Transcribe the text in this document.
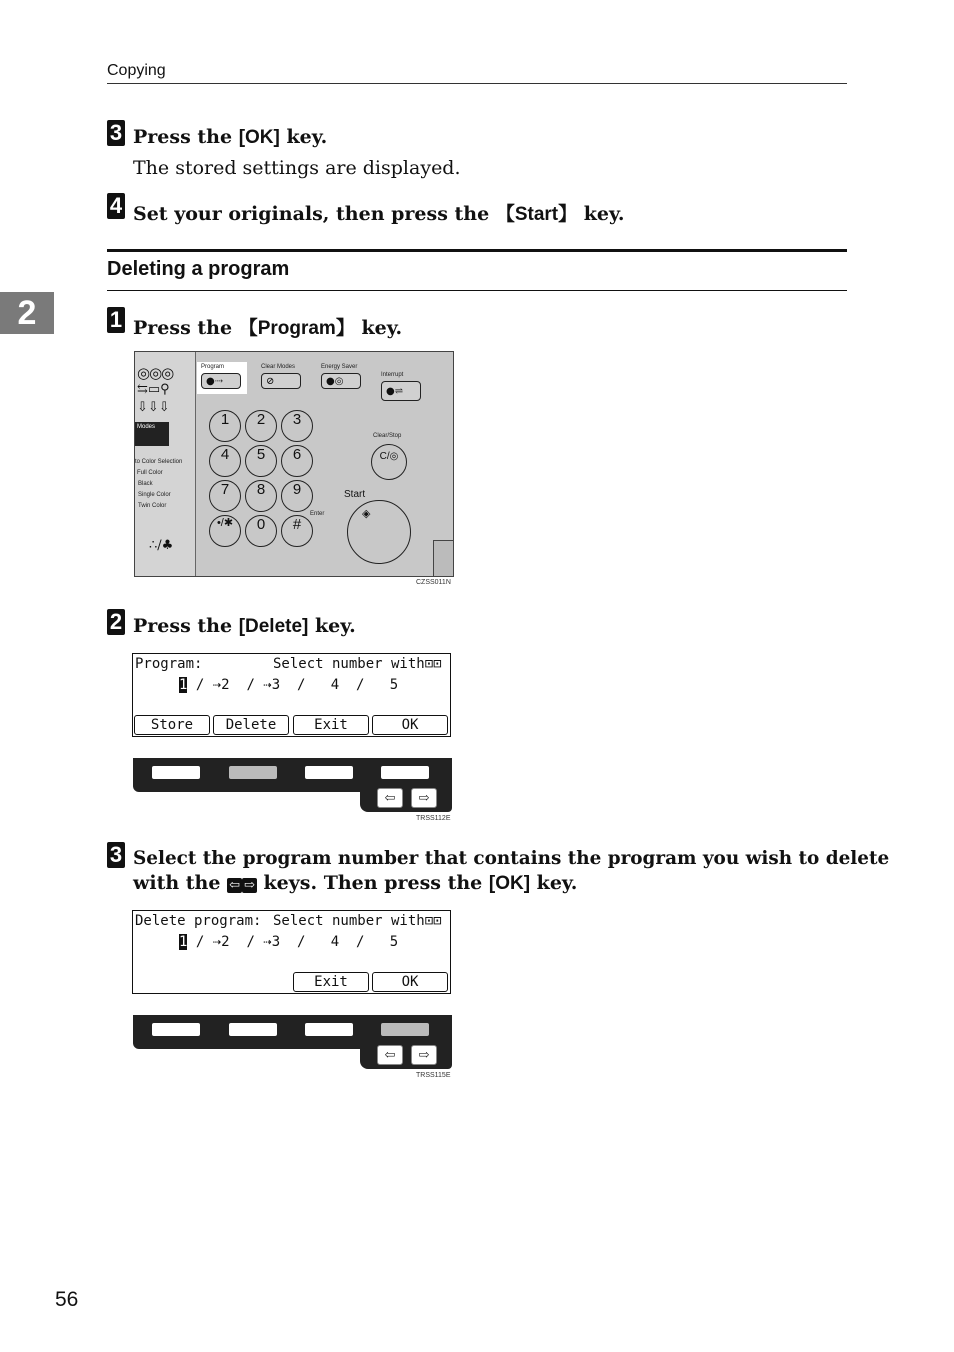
Copying
2
3 Press the [OK] key.
The stored settings are displayed.
4 Set your originals, then press the 【Start】 key.
Deleting a program
1 Press the 【Program】 key.
◎◎◎
⇆▭⚲
⇩⇩⇩
Modes
to Color Selection
Full Color
Black
Single Color
Twin Color
∴/♣
Program
●⇢
Clear Modes
⊘
Energy Saver
●◎
Interrupt
●⇌
1	2	3
4	5	6
7	8	9
•/✱	0	#
Enter
Clear/Stop
C/◎
Start
◈
CZSS011N
2 Press the [Delete] key.
Program:	Select number with⊡⊡
1 / ⇢2  / ⇢3  /   4  /   5
Store	Delete	Exit	OK
⇦ ⇨
TRSS112E
3 Select the program number that contains the program you wish to delete
with the ⇦ ⇨ keys. Then press the [OK] key.
Delete program: Select number with⊡⊡
1 / ⇢2  / ⇢3  /   4  /   5
Exit	OK
⇦ ⇨
TRSS115E
56
